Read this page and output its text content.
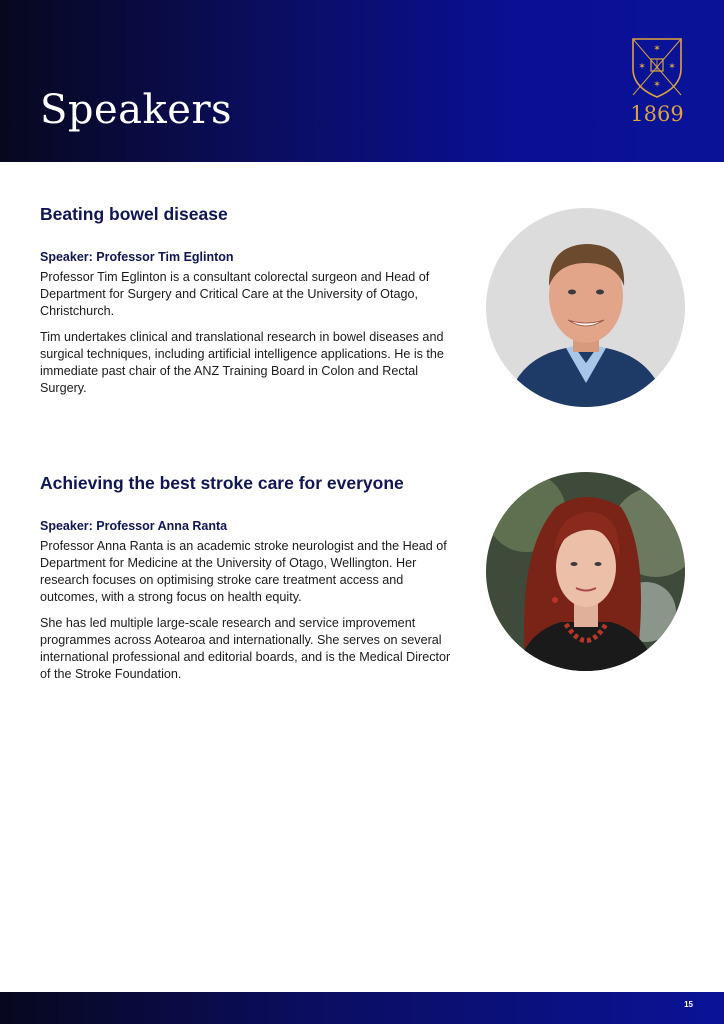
Speakers
✶
✶ ✶
✶
1869
Beating bowel disease

Speaker: Professor Tim Eglinton

Professor Tim Eglinton is a consultant colorectal surgeon and Head of Department for Surgery and Critical Care at the University of Otago, Christchurch.

Tim undertakes clinical and translational research in bowel diseases and surgical techniques, including artificial intelligence applications. He is the immediate past chair of the ANZ Training Board in Colon and Rectal Surgery.

Achieving the best stroke care for everyone

Speaker: Professor Anna Ranta

Professor Anna Ranta is an academic stroke neurologist and the Head of Department for Medicine at the University of Otago, Wellington. Her research focuses on optimising stroke care treatment access and outcomes, with a strong focus on health equity.

She has led multiple large-scale research and service improvement programmes across Aotearoa and internationally. She serves on several international professional and editorial boards, and is the Medical Director of the Stroke Foundation.

15
